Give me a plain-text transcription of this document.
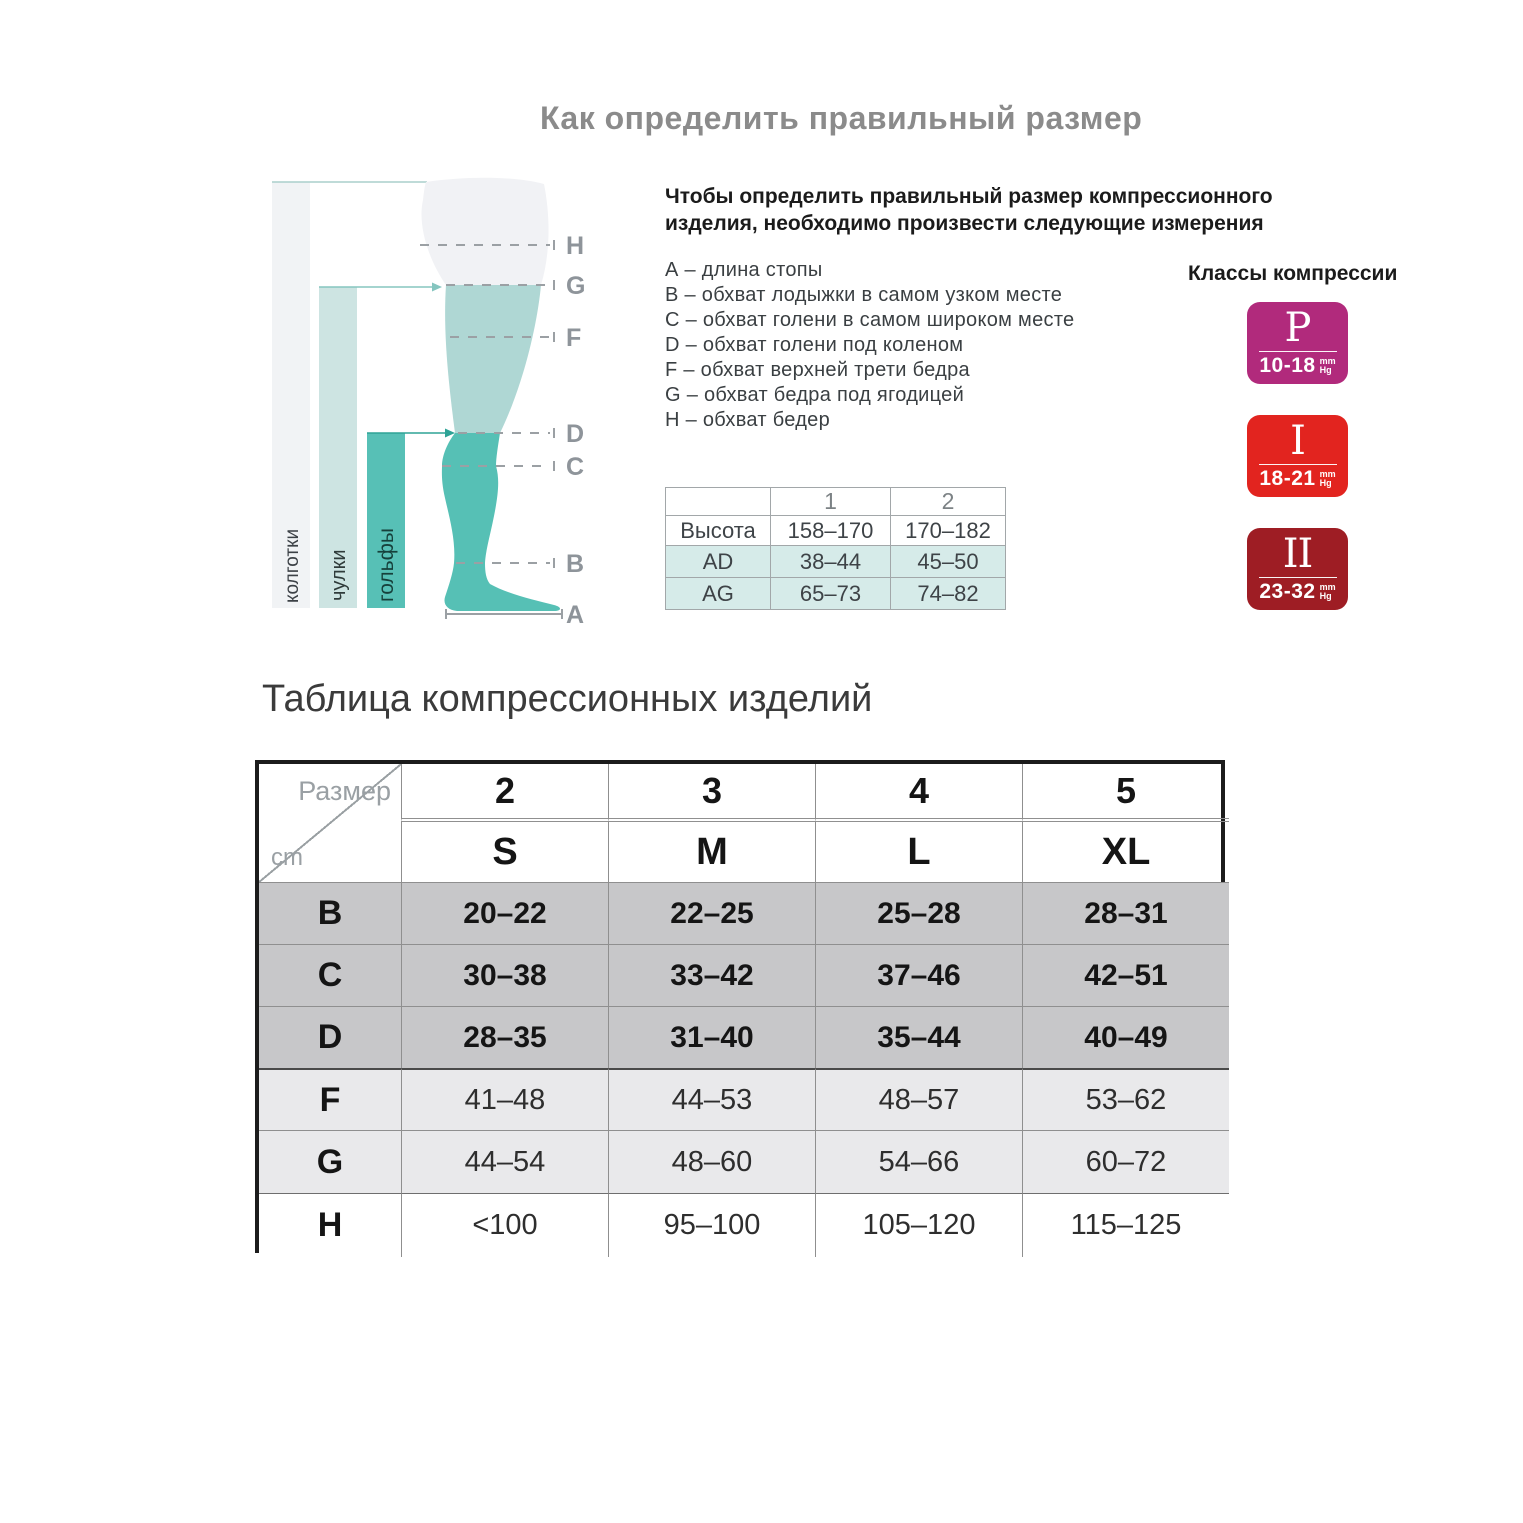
Как определить правильный размер
H
G
F
D
C
B
A
колготки чулки гольфы
Чтобы определить правильный размер компрессионного изделия, необходимо произвести следующие измерения
А – длина стопы
В – обхват лодыжки в самом узком месте
С – обхват голени в самом широком месте
D – обхват голени под коленом
F – обхват верхней трети бедра
G – обхват бедра под ягодицей
Н – обхват бедер
Классы компрессии
P
10-18 mm
Hg
I
18-21 mm
Hg
II
23-32 mm
Hg
	1	2
Высота	158–170	170–182
AD	38–44	45–50
AG	65–73	74–82
Таблица компрессионных изделий
Размер
cm
2	3	4	5
S	M	L	XL
B	20–22	22–25	25–28	28–31
C	30–38	33–42	37–46	42–51
D	28–35	31–40	35–44	40–49
F	41–48	44–53	48–57	53–62
G	44–54	48–60	54–66	60–72
H	<100	95–100	105–120	115–125
